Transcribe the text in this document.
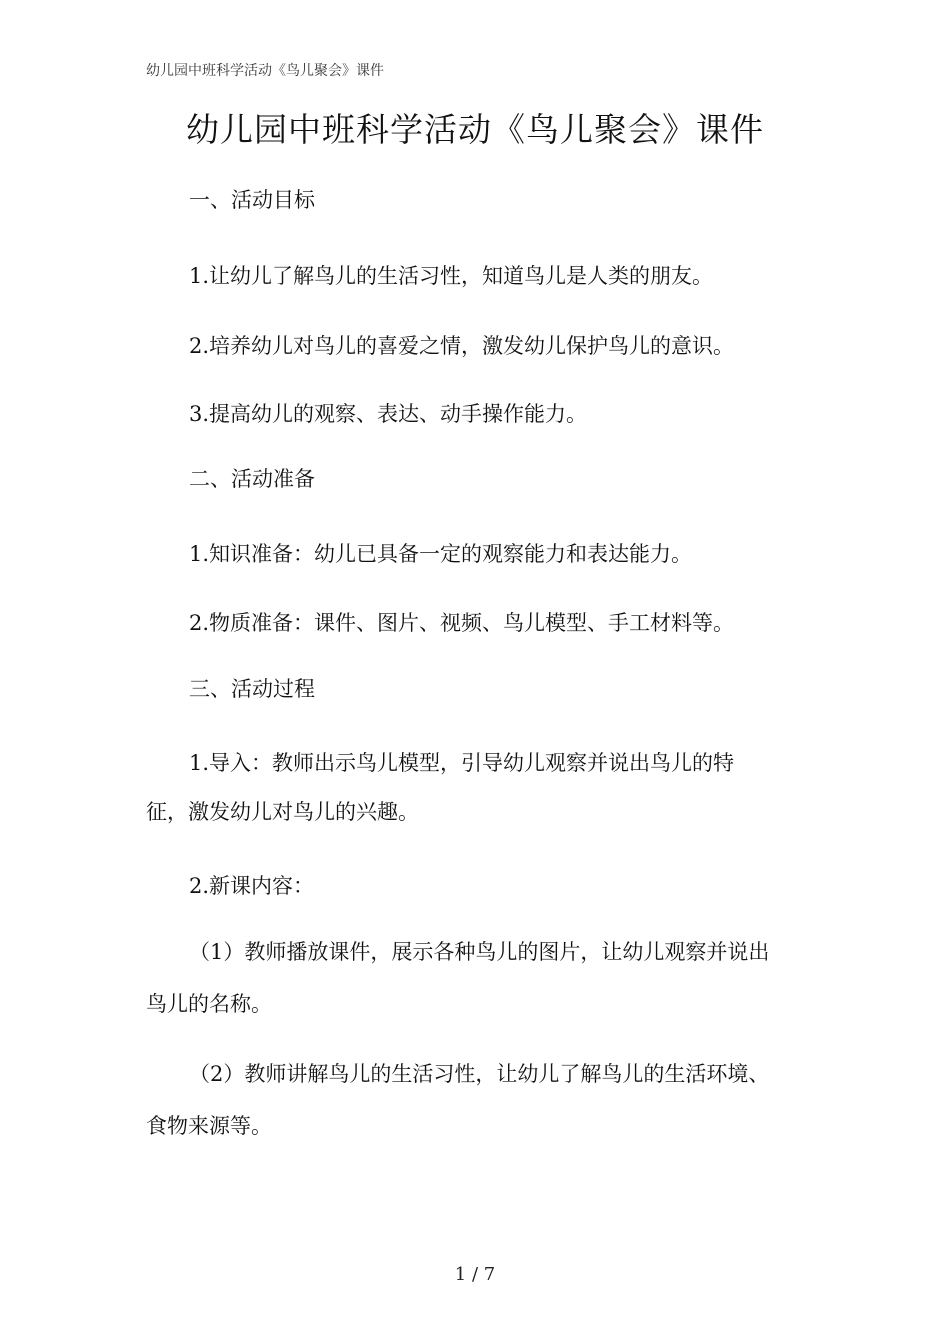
幼儿园中班科学活动《鸟儿聚会》课件
幼儿园中班科学活动《鸟儿聚会》课件
一、活动目标
1.让幼儿了解鸟儿的生活习性，知道鸟儿是人类的朋友。
2.培养幼儿对鸟儿的喜爱之情，激发幼儿保护鸟儿的意识。
3.提高幼儿的观察、表达、动手操作能力。
二、活动准备
1.知识准备：幼儿已具备一定的观察能力和表达能力。
2.物质准备：课件、图片、视频、鸟儿模型、手工材料等。
三、活动过程
1.导入：教师出示鸟儿模型，引导幼儿观察并说出鸟儿的特
征，激发幼儿对鸟儿的兴趣。
2.新课内容：
（1）教师播放课件，展示各种鸟儿的图片，让幼儿观察并说出
鸟儿的名称。
（2）教师讲解鸟儿的生活习性，让幼儿了解鸟儿的生活环境、
食物来源等。
1 / 7
